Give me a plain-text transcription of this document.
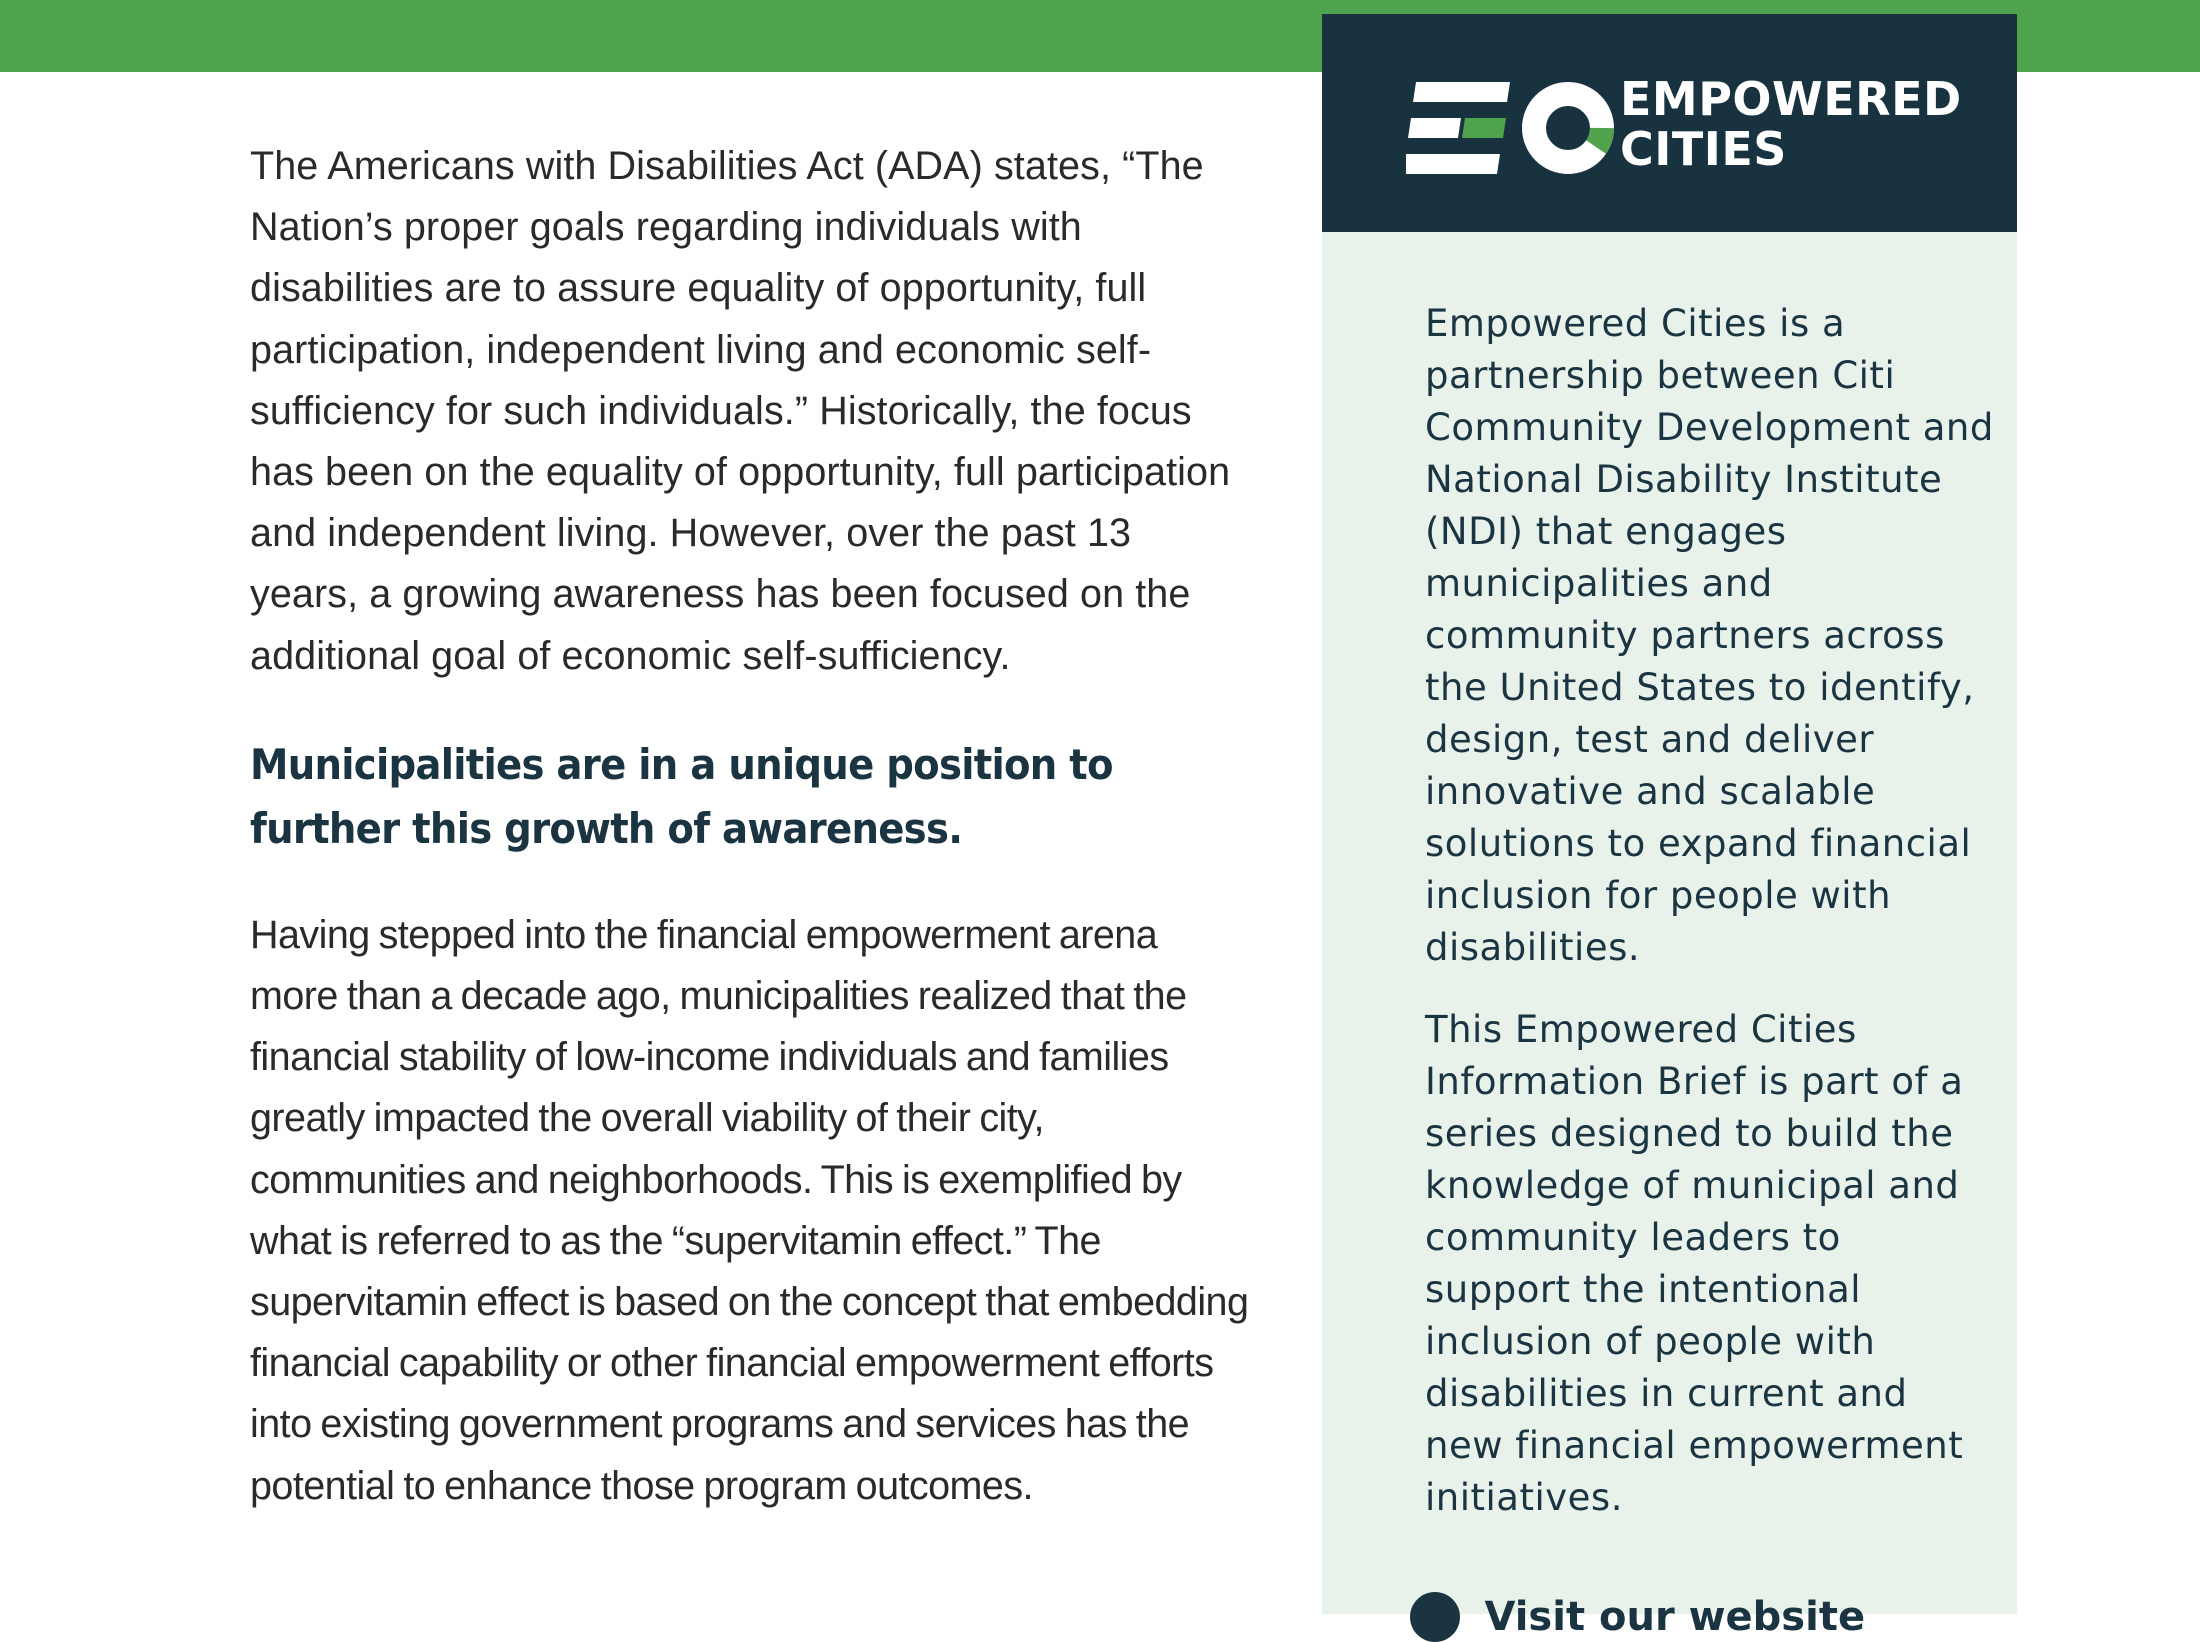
The Americans with Disabilities Act (ADA) states, “The Nation’s proper goals regarding individuals with disabilities are to assure equality of opportunity, full participation, independent living and economic self-sufficiency for such individuals.” Historically, the focus has been on the equality of opportunity, full participation and independent living. However, over the past 13 years, a growing awareness has been focused on the additional goal of economic self-sufficiency.

Municipalities are in a unique position to further this growth of awareness.

Having stepped into the financial empowerment arena more than a decade ago, municipalities realized that the financial stability of low-income individuals and families greatly impacted the overall viability of their city, communities and neighborhoods. This is exemplified by what is referred to as the “supervitamin effect.” The supervitamin effect is based on the concept that embedding financial capability or other financial empowerment efforts into existing government programs and services has the potential to enhance those program outcomes.

EMPOWERED
CITIES

Empowered Cities is a partnership between Citi Community Development and National Disability Institute (NDI) that engages municipalities and community partners across the United States to identify, design, test and deliver innovative and scalable solutions to expand financial inclusion for people with disabilities.

This Empowered Cities Information Brief is part of a series designed to build the knowledge of municipal and community leaders to support the intentional inclusion of people with disabilities in current and new financial empowerment initiatives.

Visit our website
